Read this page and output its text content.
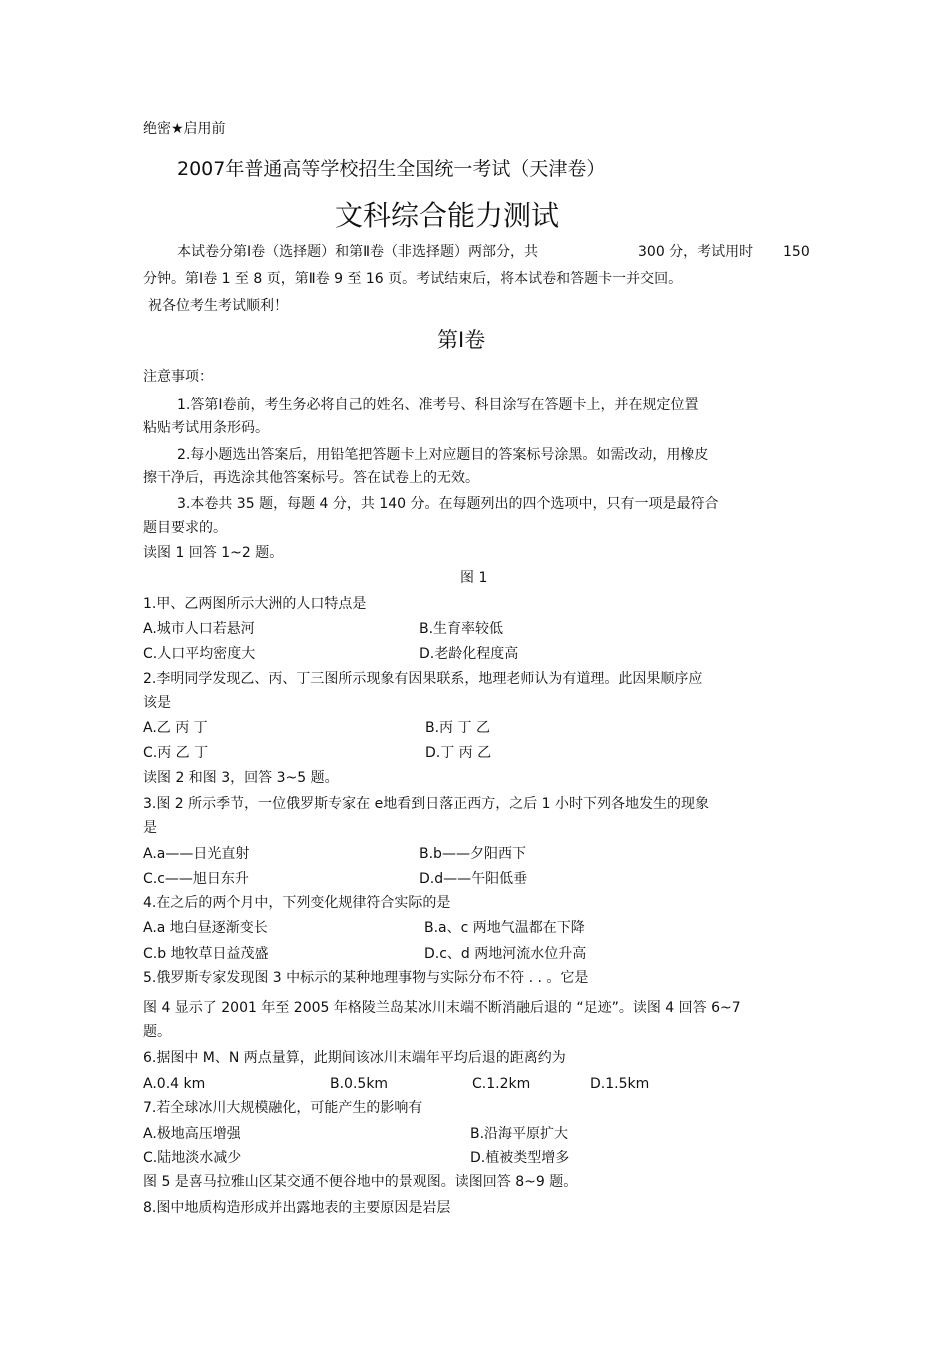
绝密★启用前
2007年普通高等学校招生全国统一考试（天津卷）
文科综合能力测试
本试卷分第Ⅰ卷（选择题）和第Ⅱ卷（非选择题）两部分，共	300 分，考试用时 150
分钟。第Ⅰ卷 1 至 8 页，第Ⅱ卷 9 至 16 页。考试结束后，将本试卷和答题卡一并交回。
祝各位考生考试顺利！
第Ⅰ卷
注意事项：
1.答第Ⅰ卷前，考生务必将自己的姓名、准考号、科目涂写在答题卡上，并在规定位置
粘贴考试用条形码。
2.每小题选出答案后，用铅笔把答题卡上对应题目的答案标号涂黑。如需改动，用橡皮
擦干净后，再选涂其他答案标号。答在试卷上的无效。
3.本卷共 35 题，每题 4 分，共 140 分。在每题列出的四个选项中，只有一项是最符合
题目要求的。
读图 1 回答 1~2 题。
图 1
1.甲、乙两图所示大洲的人口特点是
A.城市人口若悬河	B.生育率较低
C.人口平均密度大	D.老龄化程度高
2.李明同学发现乙、丙、丁三图所示现象有因果联系，地理老师认为有道理。此因果顺序应
该是
A.乙 丙 丁	B.丙 丁 乙
C.丙 乙 丁	D.丁 丙 乙
读图 2 和图 3，回答 3~5 题。
3.图 2 所示季节，一位俄罗斯专家在 e地看到日落正西方，之后 1 小时下列各地发生的现象
是
A.a——日光直射	B.b——夕阳西下
C.c——旭日东升	D.d——午阳低垂
4.在之后的两个月中，下列变化规律符合实际的是
A.a 地白昼逐渐变长	B.a、c 两地气温都在下降
C.b 地牧草日益茂盛	D.c、d 两地河流水位升高
5.俄罗斯专家发现图 3 中标示的某种地理事物与实际分布不符 . . 。它是
图 4 显示了 2001 年至 2005 年格陵兰岛某冰川末端不断消融后退的 “足迹”。读图 4 回答 6~7
题。
6.据图中 M、N 两点量算，此期间该冰川末端年平均后退的距离约为
A.0.4 km	B.0.5km	C.1.2km	D.1.5km
7.若全球冰川大规模融化，可能产生的影响有
A.极地高压增强	B.沿海平原扩大
C.陆地淡水减少	D.植被类型增多
图 5 是喜马拉雅山区某交通不便谷地中的景观图。读图回答 8~9 题。
8.图中地质构造形成并出露地表的主要原因是岩层
